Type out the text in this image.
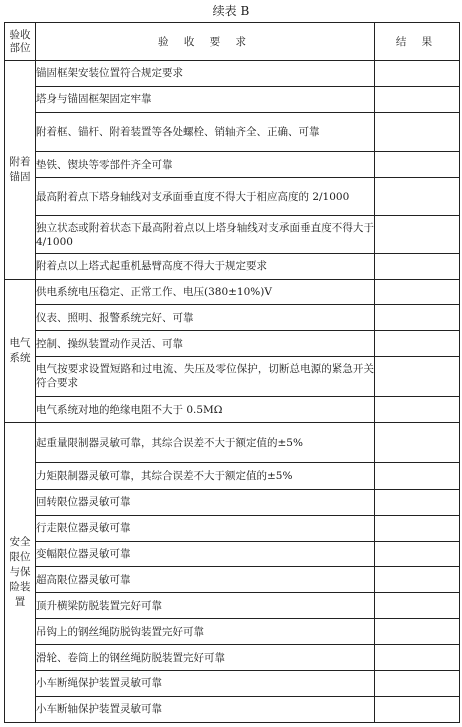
续表 B
验收部位	验 收 要 求	结 果
附着锚固	锚固框架安装位置符合规定要求	
	塔身与锚固框架固定牢靠	
	附着框、锚杆、附着装置等各处螺栓、销轴齐全、正确、可靠	
	垫铁、锲块等零部件齐全可靠	
	最高附着点下塔身轴线对支承面垂直度不得大于相应高度的 2/1000	
	独立状态或附着状态下最高附着点以上塔身轴线对支承面垂直度不得大于 4/1000	
	附着点以上塔式起重机悬臂高度不得大于规定要求	
电气系统	供电系统电压稳定、正常工作、电压(380±10%)V	
	仪表、照明、报警系统完好、可靠	
	控制、操纵装置动作灵活、可靠	
	电气按要求设置短路和过电流、失压及零位保护，切断总电源的紧急开关符合要求	
	电气系统对地的绝缘电阻不大于 0.5MΩ	
安全限位与保险装置	起重量限制器灵敏可靠，其综合误差不大于额定值的±5%	
	力矩限制器灵敏可靠，其综合误差不大于额定值的±5%	
	回转限位器灵敏可靠	
	行走限位器灵敏可靠	
	变幅限位器灵敏可靠	
	超高限位器灵敏可靠	
	顶升横梁防脱装置完好可靠	
	吊钩上的钢丝绳防脱钩装置完好可靠	
	滑轮、卷筒上的钢丝绳防脱装置完好可靠	
	小车断绳保护装置灵敏可靠	
	小车断轴保护装置灵敏可靠	
